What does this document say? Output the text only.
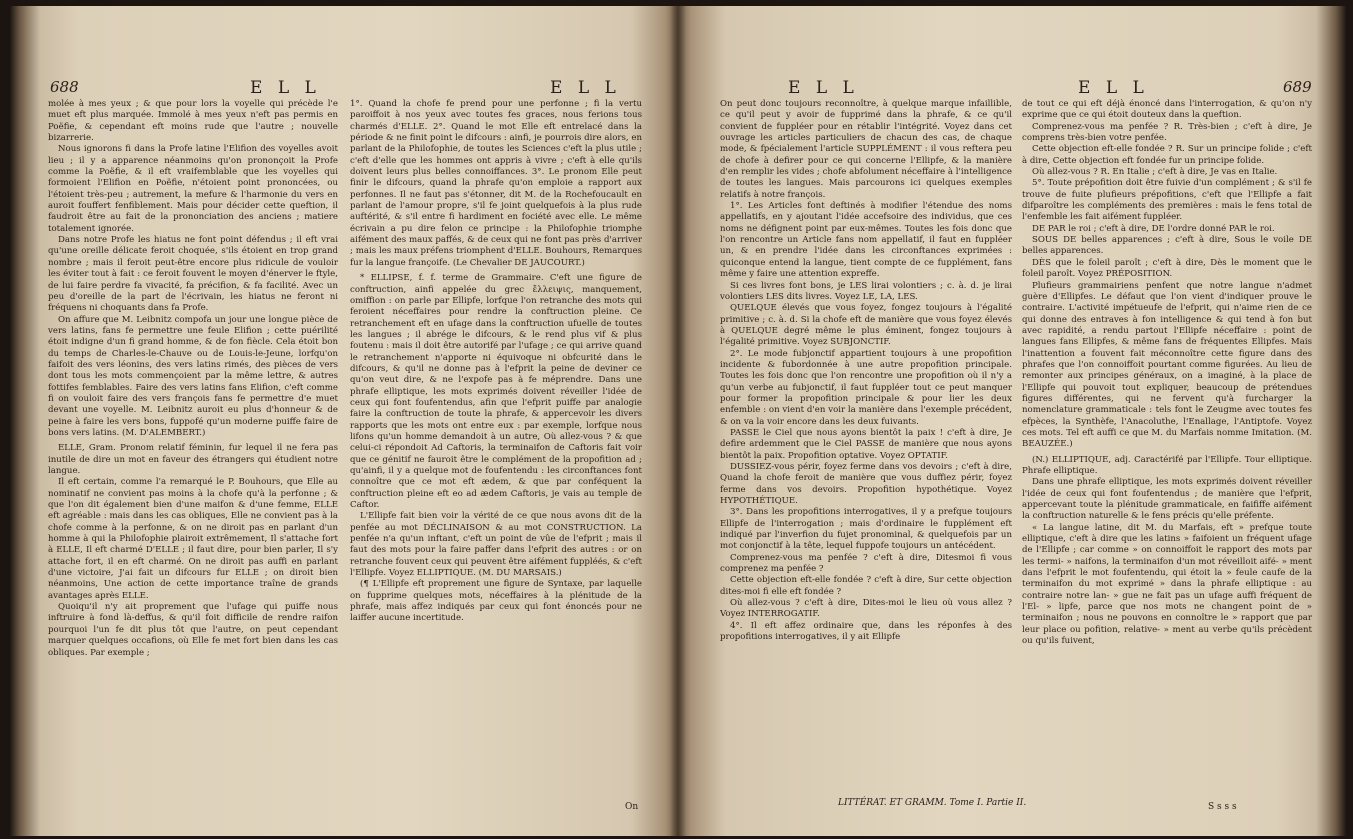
688	E L L	E L L

molée à mes yeux ; & que pour lors la voyelle qui précède l'e muet eft plus marquée. Immolé à mes yeux n'eft pas permis en Poëfie, & cependant eft moins rude que l'autre ; nouvelle bizarrerie.

Nous ignorons fi dans la Profe latine l'Elifion des voyelles avoit lieu ; il y a apparence néanmoins qu'on prononçoit la Profe comme la Poëfie, & il eft vraifemblable que les voyelles qui formoient l'Elifion en Poëfie, n'étoient point prononcées, ou l'étoient très-peu ; autrement, la mefure & l'harmonie du vers en auroit fouffert fenfiblement. Mais pour décider cette queftion, il faudroit être au fait de la prononciation des anciens ; matiere totalement ignorée.

Dans notre Profe les hiatus ne font point défendus ; il eft vrai qu'une oreille délicate feroit choquée, s'ils étoient en trop grand nombre ; mais il feroit peut-être encore plus ridicule de vouloir les éviter tout à fait : ce feroit fouvent le moyen d'énerver le ftyle, de lui faire perdre fa vivacité, fa précifion, & fa facilité. Avec un peu d'oreille de la part de l'écrivain, les hiatus ne feront ni fréquens ni choquants dans fa Profe.

On affure que M. Leibnitz compofa un jour une longue pièce de vers latins, fans fe permettre une feule Elifion ; cette puérilité étoit indigne d'un fi grand homme, & de fon fiècle. Cela étoit bon du temps de Charles-le-Chauve ou de Louis-le-Jeune, lorfqu'on faifoit des vers léonins, des vers latins rimés, des pièces de vers dont tous les mots commençoient par la même lettre, & autres fottifes femblables. Faire des vers latins fans Elifion, c'eft comme fi on vouloit faire des vers françois fans fe permettre d'e muet devant une voyelle. M. Leibnitz auroit eu plus d'honneur & de peine à faire les vers bons, fuppofé qu'un moderne puiffe faire de bons vers latins. (M. D'ALEMBERT.)

ELLE, Gram. Pronom relatif féminin, fur lequel il ne fera pas inutile de dire un mot en faveur des étrangers qui étudient notre langue.

Il eft certain, comme l'a remarqué le P. Bouhours, que Elle au nominatif ne convient pas moins à la chofe qu'à la perfonne ; & que l'on dit également bien d'une maifon & d'une femme, ELLE eft agréable : mais dans les cas obliques, Elle ne convient pas à la chofe comme à la perfonne, & on ne diroit pas en parlant d'un homme à qui la Philofophie plairoit extrêmement, Il s'attache fort à ELLE, Il eft charmé D'ELLE ; il faut dire, pour bien parler, Il s'y attache fort, il en eft charmé. On ne diroit pas auffi en parlant d'une victoire, J'ai fait un difcours fur ELLE ; on diroit bien néanmoins, Une action de cette importance traîne de grands avantages après ELLE.

Quoiqu'il n'y ait proprement que l'ufage qui puiffe nous inftruire à fond là-deffus, & qu'il foit difficile de rendre raifon pourquoi l'un fe dit plus tôt que l'autre, on peut cependant marquer quelques occafions, où Elle fe met fort bien dans les cas obliques. Par exemple ;

1°. Quand la chofe fe prend pour une perfonne ; fi la vertu paroiffoit à nos yeux avec toutes fes graces, nous ferions tous charmés d'ELLE. 2°. Quand le mot Elle eft entrelacé dans la période & ne finit point le difcours : ainfi, je pourrois dire alors, en parlant de la Philofophie, de toutes les Sciences c'eft la plus utile ; c'eft d'elle que les hommes ont appris à vivre ; c'eft à elle qu'ils doivent leurs plus belles connoiffances. 3°. Le pronom Elle peut finir le difcours, quand la phrafe qu'on emploie a rapport aux perfonnes. Il ne faut pas s'étonner, dit M. de la Rochefoucault en parlant de l'amour propre, s'il fe joint quelquefois à la plus rude auftérité, & s'il entre fi hardiment en fociété avec elle. Le même écrivain a pu dire felon ce principe : la Philofophie triomphe aifément des maux paffés, & de ceux qui ne font pas près d'arriver ; mais les maux préfens triomphent d'ELLE. Bouhours, Remarques fur la langue françoife. (Le Chevalier DE JAUCOURT.)

* ELLIPSE, f. f. terme de Grammaire. C'eft une figure de conftruction, ainfi appelée du grec ἔλλειψις, manquement, omiffion : on parle par Ellipfe, lorfque l'on retranche des mots qui feroient néceffaires pour rendre la conftruction pleine. Ce retranchement eft en ufage dans la conftruction ufuelle de toutes les langues ; il abrége le difcours, & le rend plus vif & plus foutenu : mais il doit être autorifé par l'ufage ; ce qui arrive quand le retranchement n'apporte ni équivoque ni obfcurité dans le difcours, & qu'il ne donne pas à l'efprit la peine de deviner ce qu'on veut dire, & ne l'expofe pas à fe méprendre. Dans une phrafe elliptique, les mots exprimés doivent réveiller l'idée de ceux qui font foufentendus, afin que l'efprit puiffe par analogie faire la conftruction de toute la phrafe, & appercevoir les divers rapports que les mots ont entre eux : par exemple, lorfque nous lifons qu'un homme demandoit à un autre, Où allez-vous ? & que celui-ci répondoit Ad Caftoris, la terminaifon de Caftoris fait voir que ce génitif ne fauroit être le complément de la propofition ad ; qu'ainfi, il y a quelque mot de foufentendu : les circonftances font connoître que ce mot eft ædem, & que par conféquent la conftruction pleine eft eo ad ædem Caftoris, je vais au temple de Caftor.

L'Ellipfe fait bien voir la vérité de ce que nous avons dit de la penfée au mot DÉCLINAISON & au mot CONSTRUCTION. La penfée n'a qu'un inftant, c'eft un point de vûe de l'efprit ; mais il faut des mots pour la faire paffer dans l'efprit des autres : or on retranche fouvent ceux qui peuvent être aifément fuppléés, & c'eft l'Ellipfe. Voyez ELLIPTIQUE. (M. DU MARSAIS.)

(¶ L'Ellipfe eft proprement une figure de Syntaxe, par laquelle on fupprime quelques mots, néceffaires à la plénitude de la phrafe, mais affez indiqués par ceux qui font énoncés pour ne laiffer aucune incertitude.

On
E L L	E L L	689

On peut donc toujours reconnoître, à quelque marque infaillible, ce qu'il peut y avoir de fupprimé dans la phrafe, & ce qu'il convient de fuppléer pour en rétablir l'intégrité. Voyez dans cet ouvrage les articles particuliers de chacun des cas, de chaque mode, & fpécialement l'article SUPPLÉMENT : il vous reftera peu de chofe à defirer pour ce qui concerne l'Ellipfe, & la manière d'en remplir les vides ; chofe abfolument néceffaire à l'intelligence de toutes les langues. Mais parcourons ici quelques exemples relatifs à notre françois.

1°. Les Articles font deftinés à modifier l'étendue des noms appellatifs, en y ajoutant l'idée accefsoire des individus, que ces noms ne défignent point par eux-mêmes. Toutes les fois donc que l'on rencontre un Article fans nom appellatif, il faut en fuppléer un, & en prendre l'idée dans les circonftances exprimées : quiconque entend la langue, tient compte de ce fupplément, fans même y faire une attention expreffe.

Si ces livres font bons, je LES lirai volontiers ; c. à. d. je lirai volontiers LES dits livres. Voyez LE, LA, LES.

QUELQUE élevés que vous foyez, fongez toujours à l'égalité primitive ; c. à. d. Si la chofe eft de manière que vous foyez élevés à QUELQUE degré même le plus éminent, fongez toujours à l'égalité primitive. Voyez SUBJONCTIF.

2°. Le mode fubjonctif appartient toujours à une propofition incidente & fubordonnée à une autre propofition principale. Toutes les fois donc que l'on rencontre une propofition où il n'y a qu'un verbe au fubjonctif, il faut fuppléer tout ce peut manquer pour former la propofition principale & pour lier les deux enfemble : on vient d'en voir la manière dans l'exemple précédent, & on va la voir encore dans les deux fuivants.

PASSE le Ciel que nous ayons bientôt la paix ! c'eft à dire, Je defire ardemment que le Ciel PASSE de manière que nous ayons bientôt la paix. Propofition optative. Voyez OPTATIF.

DUSSIEZ-vous périr, foyez ferme dans vos devoirs ; c'eft à dire, Quand la chofe feroit de manière que vous duffiez périr, foyez ferme dans vos devoirs. Propofition hypothétique. Voyez HYPOTHÉTIQUE.

3°. Dans les propofitions interrogatives, il y a prefque toujours Ellipfe de l'interrogation ; mais d'ordinaire le fupplément eft indiqué par l'inverfion du fujet pronominal, & quelquefois par un mot conjonctif à la tête, lequel fuppofe toujours un antécédent.

Comprenez-vous ma penfée ? c'eft à dire, Ditesmoi fi vous comprenez ma penfée ?

Cette objection eft-elle fondée ? c'eft à dire, Sur cette objection dites-moi fi elle eft fondée ?

Où allez-vous ? c'eft à dire, Dites-moi le lieu où vous allez ? Voyez INTERROGATIF.

4°. Il eft affez ordinaire que, dans les réponfes à des propofitions interrogatives, il y ait Ellipfe

LITTÉRAT. ET GRAMM. Tome I. Partie II.

de tout ce qui eft déjà énoncé dans l'interrogation, & qu'on n'y exprime que ce qui étoit douteux dans la queftion.

Comprenez-vous ma penfée ? R. Très-bien ; c'eft à dire, Je comprens très-bien votre penfée.

Cette objection eft-elle fondée ? R. Sur un principe folide ; c'eft à dire, Cette objection eft fondée fur un principe folide.

Où allez-vous ? R. En Italie ; c'eft à dire, Je vas en Italie.

5°. Toute prépofition doit être fuivie d'un complément ; & s'il fe trouve de fuite plufieurs prépofitions, c'eft que l'Ellipfe a fait difparoître les compléments des premières : mais le fens total de l'enfemble les fait aifément fuppléer.

DE PAR le roi ; c'eft à dire, DE l'ordre donné PAR le roi.

SOUS DE belles apparences ; c'eft à dire, Sous le voile DE belles apparences.

DÈS que le foleil paroît ; c'eft à dire, Dès le moment que le foleil paroît. Voyez PRÉPOSITION.

Plufieurs grammairiens penfent que notre langue n'admet guère d'Ellipfes. Le défaut que l'on vient d'indiquer prouve le contraire. L'activité impétueufe de l'efprit, qui n'aime rien de ce qui donne des entraves à fon intelligence & qui tend à fon but avec rapidité, a rendu partout l'Ellipfe néceffaire : point de langues fans Ellipfes, & même fans de fréquentes Ellipfes. Mais l'inattention a fouvent fait méconnoître cette figure dans des phrafes que l'on connoiffoit pourtant comme figurées. Au lieu de remonter aux principes généraux, on a imaginé, à la place de l'Ellipfe qui pouvoit tout expliquer, beaucoup de prétendues figures différentes, qui ne fervent qu'à furcharger la nomenclature grammaticale : tels font le Zeugme avec toutes fes efpèces, la Synthèfe, l'Anacoluthe, l'Enallage, l'Antiptofe. Voyez ces mots. Tel eft auffi ce que M. du Marfais nomme Imitation. (M. BEAUZÉE.)

(N.) ELLIPTIQUE, adj. Caractérifé par l'Ellipfe. Tour elliptique. Phrafe elliptique.

Dans une phrafe elliptique, les mots exprimés doivent réveiller l'idée de ceux qui font foufentendus ; de manière que l'efprit, appercevant toute la plénitude grammaticale, en faififfe aifément la conftruction naturelle & le fens précis qu'elle préfente.

« La langue latine, dit M. du Marfais, eft » prefque toute elliptique, c'eft à dire que les latins » faifoient un fréquent ufage de l'Ellipfe ; car comme » on connoiffoit le rapport des mots par les termi- » naifons, la terminaifon d'un mot réveilloit aifé- » ment dans l'efprit le mot foufentendu, qui étoit la » feule caufe de la terminaifon du mot exprimé » dans la phrafe elliptique : au contraire notre lan- » gue ne fait pas un ufage auffi fréquent de l'El- » lipfe, parce que nos mots ne changent point de » terminaifon ; nous ne pouvons en connoître le » rapport que par leur place ou pofition, relative- » ment au verbe qu'ils précèdent ou qu'ils fuivent,

S s s s
